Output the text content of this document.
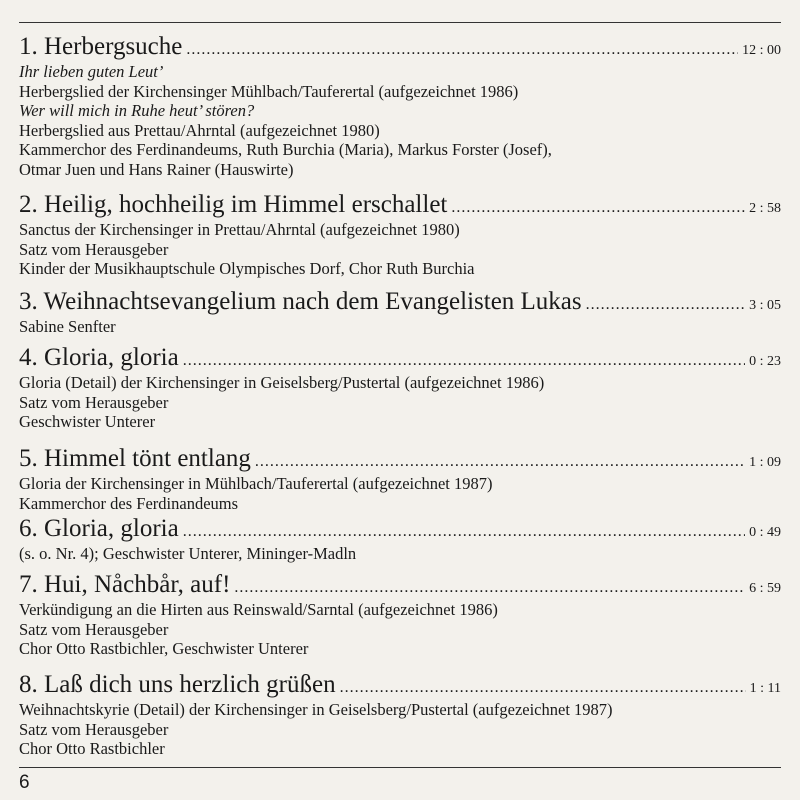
1. Herbergsuche .....	12 : 00
Ihr lieben guten Leut’
Herbergslied der Kirchensinger Mühlbach/Tauferertal (aufgezeichnet 1986)
Wer will mich in Ruhe heut’ stören?
Herbergslied aus Prettau/Ahrntal (aufgezeichnet 1980)
Kammerchor des Ferdinandeums, Ruth Burchia (Maria), Markus Forster (Josef),
Otmar Juen und Hans Rainer (Hauswirte)
2. Heilig, hochheilig im Himmel erschallet .....	2 : 58
Sanctus der Kirchensinger in Prettau/Ahrntal (aufgezeichnet 1980)
Satz vom Herausgeber
Kinder der Musikhauptschule Olympisches Dorf, Chor Ruth Burchia
3. Weihnachtsevangelium nach dem Evangelisten Lukas .....	3 : 05
Sabine Senfter
4. Gloria, gloria .....	0 : 23
Gloria (Detail) der Kirchensinger in Geiselsberg/Pustertal (aufgezeichnet 1986)
Satz vom Herausgeber
Geschwister Unterer
5. Himmel tönt entlang .....	1 : 09
Gloria der Kirchensinger in Mühlbach/Tauferertal (aufgezeichnet 1987)
Kammerchor des Ferdinandeums
6. Gloria, gloria .....	0 : 49
(s. o. Nr. 4); Geschwister Unterer, Mininger-Madln
7. Hui, Nåchbår, auf! .....	6 : 59
Verkündigung an die Hirten aus Reinswald/Sarntal (aufgezeichnet 1986)
Satz vom Herausgeber
Chor Otto Rastbichler, Geschwister Unterer
8. Laß dich uns herzlich grüßen .....	1 : 11
Weihnachtskyrie (Detail) der Kirchensinger in Geiselsberg/Pustertal (aufgezeichnet 1987)
Satz vom Herausgeber
Chor Otto Rastbichler
6
